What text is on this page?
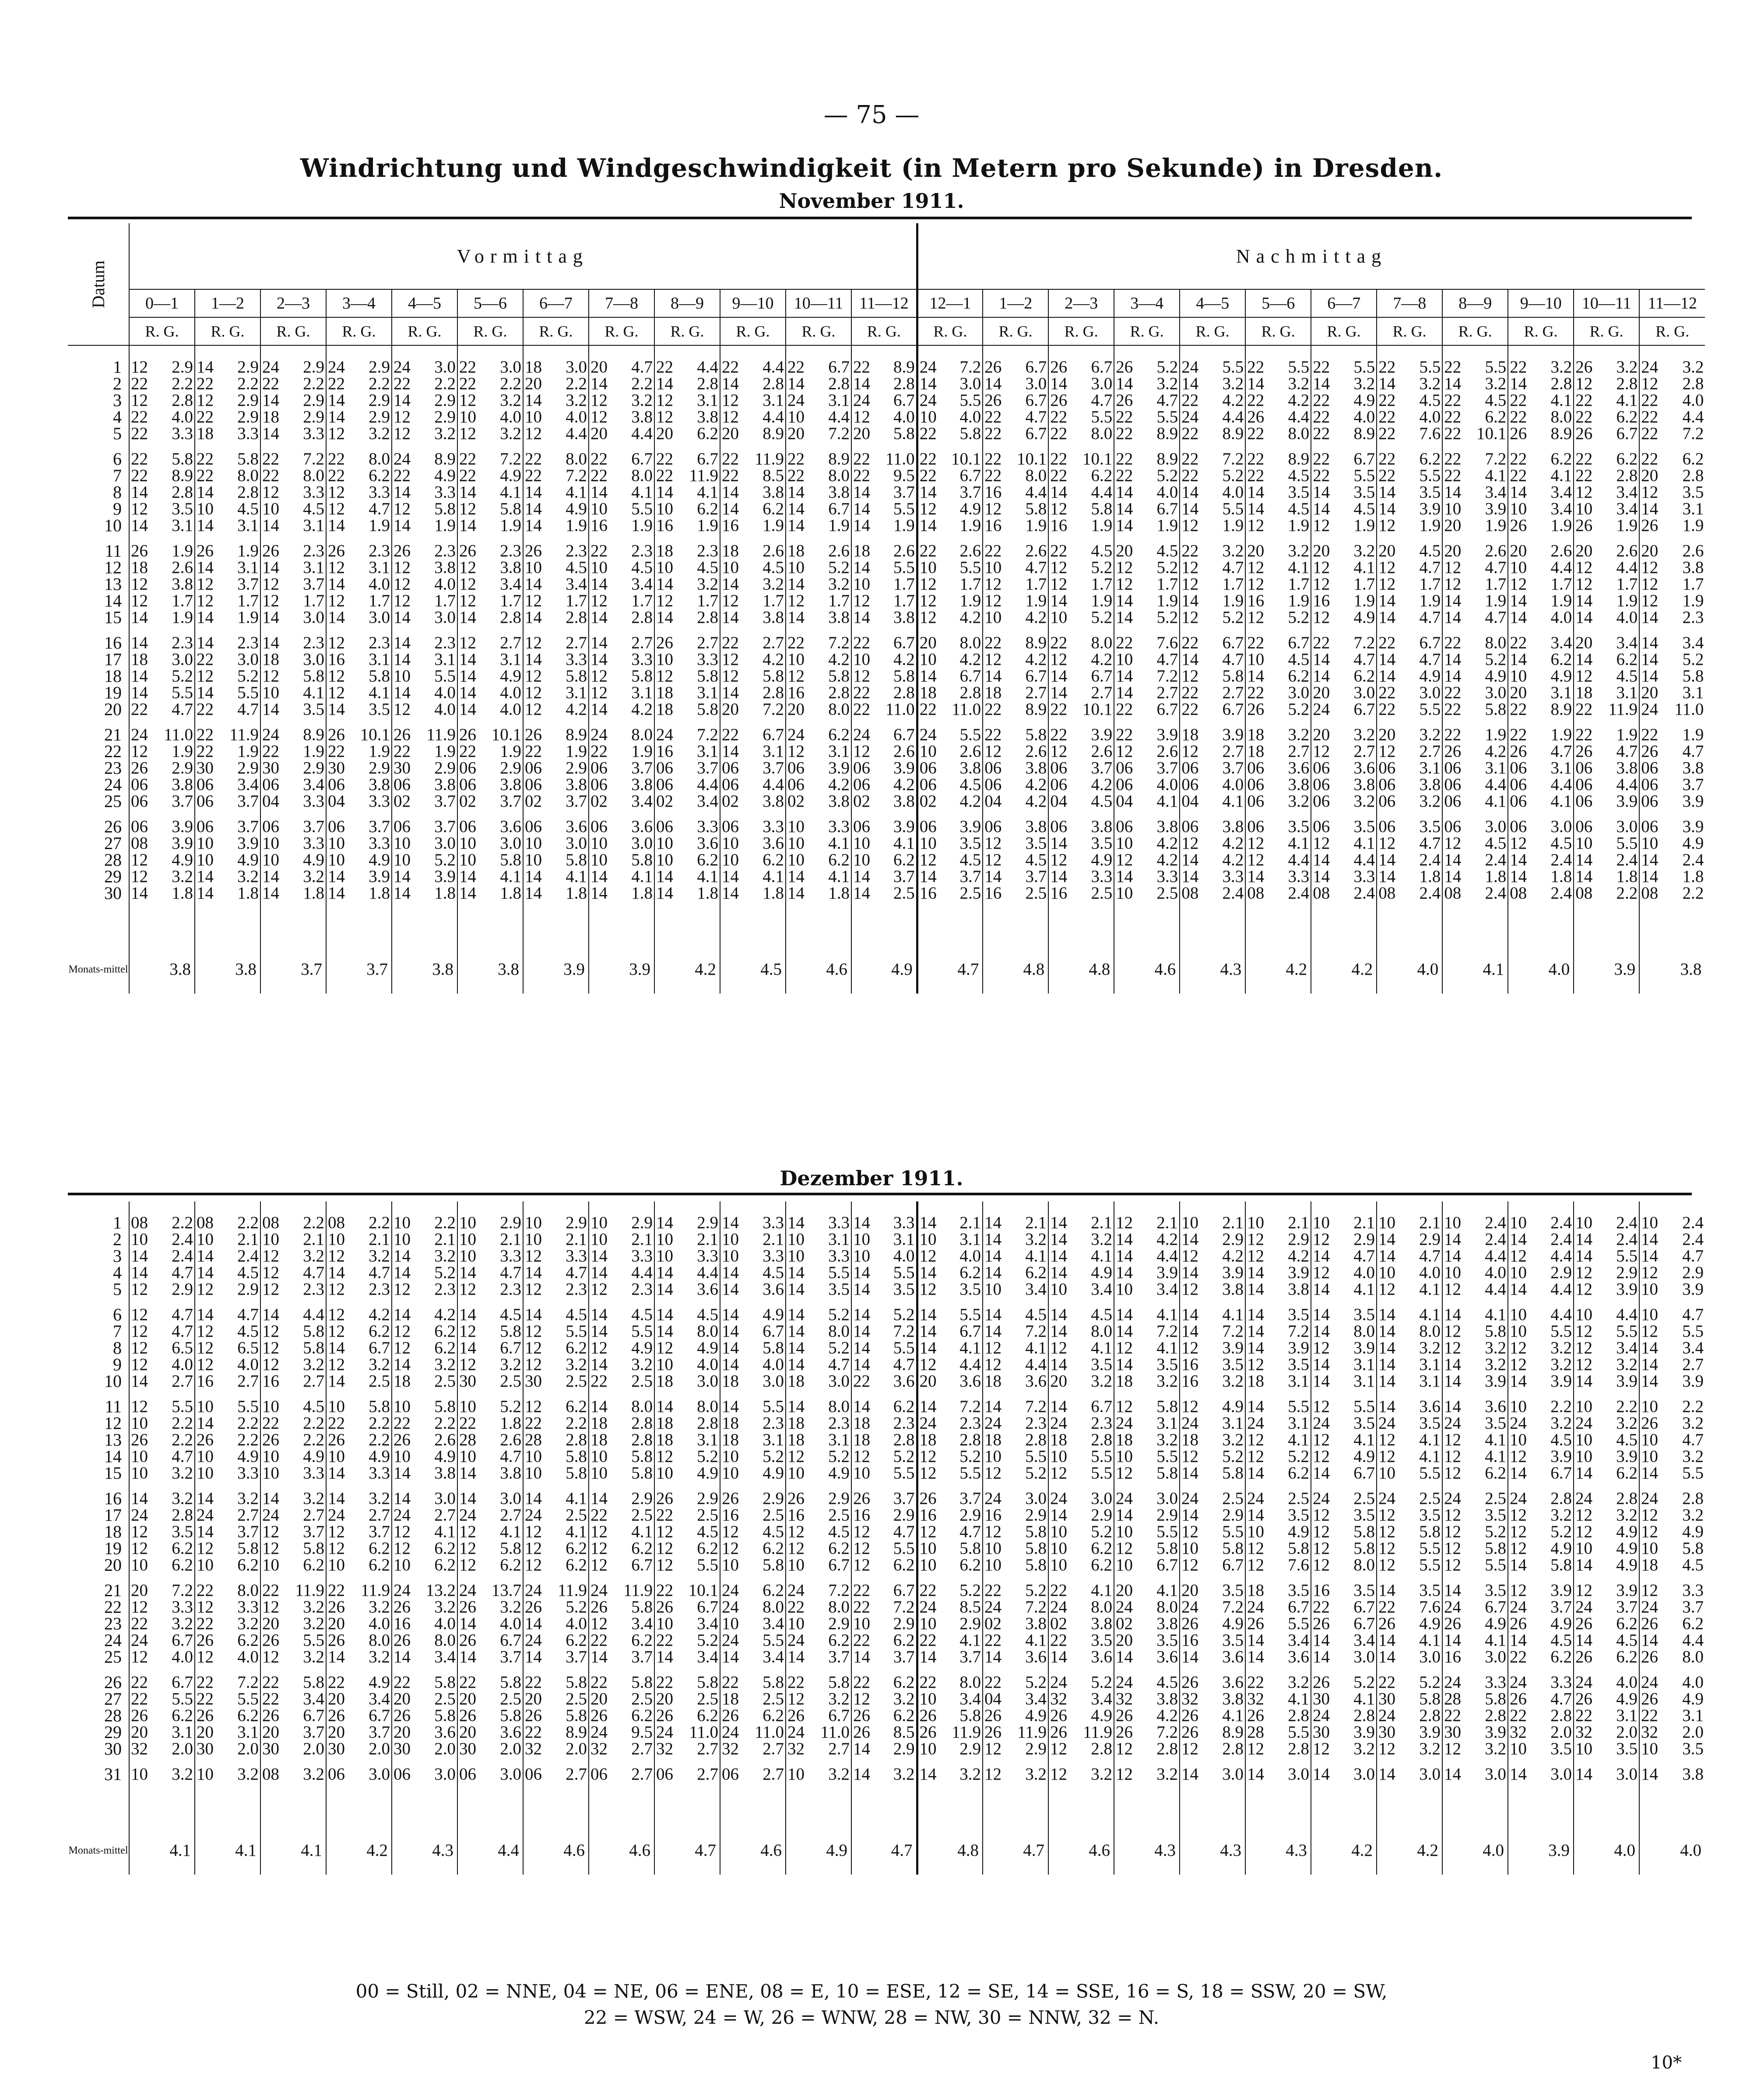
— 75 —
Windrichtung und Windgeschwindigkeit (in Metern pro Sekunde) in Dresden.
November 1911.
Datum	Vormittag																								Nachmittag																							
	0—1		1—2		2—3		3—4		4—5		5—6		6—7		7—8		8—9		9—10		10—11		11—12		12—1		1—2		2—3		3—4		4—5		5—6		6—7		7—8		8—9		9—10		10—11		11—12	
	R. G.		R. G.		R. G.		R. G.		R. G.		R. G.		R. G.		R. G.		R. G.		R. G.		R. G.		R. G.		R. G.		R. G.		R. G.		R. G.		R. G.		R. G.		R. G.		R. G.		R. G.		R. G.		R. G.		R. G.	

1	12	2.9	14	2.9	24	2.9	24	2.9	24	3.0	22	3.0	18	3.0	20	4.7	22	4.4	22	4.4	22	6.7	22	8.9	24	7.2	26	6.7	26	6.7	26	5.2	24	5.5	22	5.5	22	5.5	22	5.5	22	5.5	22	3.2	26	3.2	24	3.2
2	22	2.2	22	2.2	22	2.2	22	2.2	22	2.2	22	2.2	20	2.2	14	2.2	14	2.8	14	2.8	14	2.8	14	2.8	14	3.0	14	3.0	14	3.0	14	3.2	14	3.2	14	3.2	14	3.2	14	3.2	14	3.2	14	2.8	12	2.8	12	2.8
3	12	2.8	12	2.9	14	2.9	14	2.9	14	2.9	12	3.2	14	3.2	12	3.2	12	3.1	12	3.1	24	3.1	24	6.7	24	5.5	26	6.7	26	4.7	26	4.7	22	4.2	22	4.2	22	4.9	22	4.5	22	4.5	22	4.1	22	4.1	22	4.0
4	22	4.0	22	2.9	18	2.9	14	2.9	12	2.9	10	4.0	10	4.0	12	3.8	12	3.8	12	4.4	10	4.4	12	4.0	10	4.0	22	4.7	22	5.5	22	5.5	24	4.4	26	4.4	22	4.0	22	4.0	22	6.2	22	8.0	22	6.2	22	4.4
5	22	3.3	18	3.3	14	3.3	12	3.2	12	3.2	12	3.2	12	4.4	20	4.4	20	6.2	20	8.9	20	7.2	20	5.8	22	5.8	22	6.7	22	8.0	22	8.9	22	8.9	22	8.0	22	8.9	22	7.6	22	10.1	26	8.9	26	6.7	22	7.2

6	22	5.8	22	5.8	22	7.2	22	8.0	24	8.9	22	7.2	22	8.0	22	6.7	22	6.7	22	11.9	22	8.9	22	11.0	22	10.1	22	10.1	22	10.1	22	8.9	22	7.2	22	8.9	22	6.7	22	6.2	22	7.2	22	6.2	22	6.2	22	6.2
7	22	8.9	22	8.0	22	8.0	22	6.2	22	4.9	22	4.9	22	7.2	22	8.0	22	11.9	22	8.5	22	8.0	22	9.5	22	6.7	22	8.0	22	6.2	22	5.2	22	5.2	22	4.5	22	5.5	22	5.5	22	4.1	22	4.1	22	2.8	20	2.8
8	14	2.8	14	2.8	12	3.3	12	3.3	14	3.3	14	4.1	14	4.1	14	4.1	14	4.1	14	3.8	14	3.8	14	3.7	14	3.7	16	4.4	14	4.4	14	4.0	14	4.0	14	3.5	14	3.5	14	3.5	14	3.4	14	3.4	12	3.4	12	3.5
9	12	3.5	10	4.5	10	4.5	12	4.7	12	5.8	12	5.8	14	4.9	10	5.5	10	6.2	14	6.2	14	6.7	14	5.5	12	4.9	12	5.8	12	5.8	14	6.7	14	5.5	14	4.5	14	4.5	14	3.9	10	3.9	10	3.4	10	3.4	14	3.1
10	14	3.1	14	3.1	14	3.1	14	1.9	14	1.9	14	1.9	14	1.9	16	1.9	16	1.9	16	1.9	14	1.9	14	1.9	14	1.9	16	1.9	16	1.9	14	1.9	12	1.9	12	1.9	12	1.9	12	1.9	20	1.9	26	1.9	26	1.9	26	1.9

11	26	1.9	26	1.9	26	2.3	26	2.3	26	2.3	26	2.3	26	2.3	22	2.3	18	2.3	18	2.6	18	2.6	18	2.6	22	2.6	22	2.6	22	4.5	20	4.5	22	3.2	20	3.2	20	3.2	20	4.5	20	2.6	20	2.6	20	2.6	20	2.6
12	18	2.6	14	3.1	14	3.1	12	3.1	12	3.8	12	3.8	10	4.5	10	4.5	10	4.5	10	4.5	10	5.2	14	5.5	10	5.5	10	4.7	12	5.2	12	5.2	12	4.7	12	4.1	12	4.1	12	4.7	12	4.7	10	4.4	12	4.4	12	3.8
13	12	3.8	12	3.7	12	3.7	14	4.0	12	4.0	12	3.4	14	3.4	14	3.4	14	3.2	14	3.2	14	3.2	10	1.7	12	1.7	12	1.7	12	1.7	12	1.7	12	1.7	12	1.7	12	1.7	12	1.7	12	1.7	12	1.7	12	1.7	12	1.7
14	12	1.7	12	1.7	12	1.7	12	1.7	12	1.7	12	1.7	12	1.7	12	1.7	12	1.7	12	1.7	12	1.7	12	1.7	12	1.9	12	1.9	14	1.9	14	1.9	14	1.9	16	1.9	16	1.9	14	1.9	14	1.9	14	1.9	14	1.9	12	1.9
15	14	1.9	14	1.9	14	3.0	14	3.0	14	3.0	14	2.8	14	2.8	14	2.8	14	2.8	14	3.8	14	3.8	14	3.8	12	4.2	10	4.2	10	5.2	14	5.2	12	5.2	12	5.2	12	4.9	14	4.7	14	4.7	14	4.0	14	4.0	14	2.3

16	14	2.3	14	2.3	14	2.3	12	2.3	14	2.3	12	2.7	12	2.7	14	2.7	26	2.7	22	2.7	22	7.2	22	6.7	20	8.0	22	8.9	22	8.0	22	7.6	22	6.7	22	6.7	22	7.2	22	6.7	22	8.0	22	3.4	20	3.4	14	3.4
17	18	3.0	22	3.0	18	3.0	16	3.1	14	3.1	14	3.1	14	3.3	14	3.3	10	3.3	12	4.2	10	4.2	10	4.2	10	4.2	12	4.2	12	4.2	10	4.7	14	4.7	10	4.5	14	4.7	14	4.7	14	5.2	14	6.2	14	6.2	14	5.2
18	14	5.2	12	5.2	12	5.8	12	5.8	10	5.5	14	4.9	12	5.8	12	5.8	12	5.8	12	5.8	12	5.8	12	5.8	14	6.7	14	6.7	14	6.7	14	7.2	12	5.8	14	6.2	14	6.2	14	4.9	14	4.9	10	4.9	12	4.5	14	5.8
19	14	5.5	14	5.5	10	4.1	12	4.1	14	4.0	14	4.0	12	3.1	12	3.1	18	3.1	14	2.8	16	2.8	22	2.8	18	2.8	18	2.7	14	2.7	14	2.7	22	2.7	22	3.0	20	3.0	22	3.0	22	3.0	20	3.1	18	3.1	20	3.1
20	22	4.7	22	4.7	14	3.5	14	3.5	12	4.0	14	4.0	12	4.2	14	4.2	18	5.8	20	7.2	20	8.0	22	11.0	22	11.0	22	8.9	22	10.1	22	6.7	22	6.7	26	5.2	24	6.7	22	5.5	22	5.8	22	8.9	22	11.9	24	11.0

21	24	11.0	22	11.9	24	8.9	26	10.1	26	11.9	26	10.1	26	8.9	24	8.0	24	7.2	22	6.7	24	6.2	24	6.7	24	5.5	22	5.8	22	3.9	22	3.9	18	3.9	18	3.2	20	3.2	20	3.2	22	1.9	22	1.9	22	1.9	22	1.9
22	12	1.9	22	1.9	22	1.9	22	1.9	22	1.9	22	1.9	22	1.9	22	1.9	16	3.1	14	3.1	12	3.1	12	2.6	10	2.6	12	2.6	12	2.6	12	2.6	12	2.7	18	2.7	12	2.7	12	2.7	26	4.2	26	4.7	26	4.7	26	4.7
23	26	2.9	30	2.9	30	2.9	30	2.9	30	2.9	06	2.9	06	2.9	06	3.7	06	3.7	06	3.7	06	3.9	06	3.9	06	3.8	06	3.8	06	3.7	06	3.7	06	3.7	06	3.6	06	3.6	06	3.1	06	3.1	06	3.1	06	3.8	06	3.8
24	06	3.8	06	3.4	06	3.4	06	3.8	06	3.8	06	3.8	06	3.8	06	3.8	06	4.4	06	4.4	06	4.2	06	4.2	06	4.5	06	4.2	06	4.2	06	4.0	06	4.0	06	3.8	06	3.8	06	3.8	06	4.4	06	4.4	06	4.4	06	3.7
25	06	3.7	06	3.7	04	3.3	04	3.3	02	3.7	02	3.7	02	3.7	02	3.4	02	3.4	02	3.8	02	3.8	02	3.8	02	4.2	04	4.2	04	4.5	04	4.1	04	4.1	06	3.2	06	3.2	06	3.2	06	4.1	06	4.1	06	3.9	06	3.9

26	06	3.9	06	3.7	06	3.7	06	3.7	06	3.7	06	3.6	06	3.6	06	3.6	06	3.3	06	3.3	10	3.3	06	3.9	06	3.9	06	3.8	06	3.8	06	3.8	06	3.8	06	3.5	06	3.5	06	3.5	06	3.0	06	3.0	06	3.0	06	3.9
27	08	3.9	10	3.9	10	3.3	10	3.3	10	3.0	10	3.0	10	3.0	10	3.0	10	3.6	10	3.6	10	4.1	10	4.1	10	3.5	12	3.5	14	3.5	10	4.2	12	4.2	12	4.1	12	4.1	12	4.7	12	4.5	12	4.5	10	5.5	10	4.9
28	12	4.9	10	4.9	10	4.9	10	4.9	10	5.2	10	5.8	10	5.8	10	5.8	10	6.2	10	6.2	10	6.2	10	6.2	12	4.5	12	4.5	12	4.9	12	4.2	14	4.2	12	4.4	14	4.4	14	2.4	14	2.4	14	2.4	14	2.4	14	2.4
29	12	3.2	14	3.2	14	3.2	14	3.9	14	3.9	14	4.1	14	4.1	14	4.1	14	4.1	14	4.1	14	4.1	14	3.7	14	3.7	14	3.7	14	3.3	14	3.3	14	3.3	14	3.3	14	3.3	14	1.8	14	1.8	14	1.8	14	1.8	14	1.8
30	14	1.8	14	1.8	14	1.8	14	1.8	14	1.8	14	1.8	14	1.8	14	1.8	14	1.8	14	1.8	14	1.8	14	2.5	16	2.5	16	2.5	16	2.5	10	2.5	08	2.4	08	2.4	08	2.4	08	2.4	08	2.4	08	2.4	08	2.2	08	2.2

Monats-mittel	3.8		3.8		3.7		3.7		3.8		3.8		3.9		3.9		4.2		4.5		4.6		4.9		4.7		4.8		4.8		4.6		4.3		4.2		4.2		4.0		4.1		4.0		3.9		3.8	
Dezember 1911.

1	08	2.2	08	2.2	08	2.2	08	2.2	10	2.2	10	2.9	10	2.9	10	2.9	14	2.9	14	3.3	14	3.3	14	3.3	14	2.1	14	2.1	14	2.1	12	2.1	10	2.1	10	2.1	10	2.1	10	2.1	10	2.4	10	2.4	10	2.4	10	2.4
2	10	2.4	10	2.1	10	2.1	10	2.1	10	2.1	10	2.1	10	2.1	10	2.1	10	2.1	10	2.1	10	3.1	10	3.1	10	3.1	14	3.2	14	3.2	14	4.2	14	2.9	12	2.9	12	2.9	14	2.9	14	2.4	14	2.4	14	2.4	14	2.4
3	14	2.4	14	2.4	12	3.2	12	3.2	14	3.2	10	3.3	12	3.3	14	3.3	10	3.3	10	3.3	10	3.3	10	4.0	12	4.0	14	4.1	14	4.1	14	4.4	12	4.2	12	4.2	14	4.7	14	4.7	14	4.4	12	4.4	14	5.5	14	4.7
4	14	4.7	14	4.5	12	4.7	14	4.7	14	5.2	14	4.7	14	4.7	14	4.4	14	4.4	14	4.5	14	5.5	14	5.5	14	6.2	14	6.2	14	4.9	14	3.9	14	3.9	14	3.9	12	4.0	10	4.0	10	4.0	10	2.9	12	2.9	12	2.9
5	12	2.9	12	2.9	12	2.3	12	2.3	12	2.3	12	2.3	12	2.3	12	2.3	14	3.6	14	3.6	14	3.5	14	3.5	12	3.5	10	3.4	10	3.4	10	3.4	12	3.8	14	3.8	14	4.1	12	4.1	12	4.4	14	4.4	12	3.9	10	3.9

6	12	4.7	14	4.7	14	4.4	12	4.2	14	4.2	14	4.5	14	4.5	14	4.5	14	4.5	14	4.9	14	5.2	14	5.2	14	5.5	14	4.5	14	4.5	14	4.1	14	4.1	14	3.5	14	3.5	14	4.1	14	4.1	10	4.4	10	4.4	10	4.7
7	12	4.7	12	4.5	12	5.8	12	6.2	12	6.2	12	5.8	12	5.5	14	5.5	14	8.0	14	6.7	14	8.0	14	7.2	14	6.7	14	7.2	14	8.0	14	7.2	14	7.2	14	7.2	14	8.0	14	8.0	12	5.8	10	5.5	12	5.5	12	5.5
8	12	6.5	12	6.5	12	5.8	14	6.7	12	6.2	14	6.7	12	6.2	12	4.9	12	4.9	14	5.8	14	5.2	14	5.5	14	4.1	12	4.1	12	4.1	12	4.1	12	3.9	14	3.9	12	3.9	14	3.2	12	3.2	12	3.2	12	3.4	14	3.4
9	12	4.0	12	4.0	12	3.2	12	3.2	14	3.2	12	3.2	12	3.2	14	3.2	10	4.0	14	4.0	14	4.7	14	4.7	12	4.4	12	4.4	14	3.5	14	3.5	16	3.5	12	3.5	14	3.1	14	3.1	14	3.2	12	3.2	12	3.2	14	2.7
10	14	2.7	16	2.7	16	2.7	14	2.5	18	2.5	30	2.5	30	2.5	22	2.5	18	3.0	18	3.0	18	3.0	22	3.6	20	3.6	18	3.6	20	3.2	18	3.2	16	3.2	18	3.1	14	3.1	14	3.1	14	3.9	14	3.9	14	3.9	14	3.9

11	12	5.5	10	5.5	10	4.5	10	5.8	10	5.8	10	5.2	12	6.2	14	8.0	14	8.0	14	5.5	14	8.0	14	6.2	14	7.2	14	7.2	14	6.7	12	5.8	12	4.9	14	5.5	12	5.5	14	3.6	14	3.6	10	2.2	10	2.2	10	2.2
12	10	2.2	14	2.2	22	2.2	22	2.2	22	2.2	22	1.8	22	2.2	18	2.8	18	2.8	18	2.3	18	2.3	18	2.3	24	2.3	24	2.3	24	2.3	24	3.1	24	3.1	24	3.1	24	3.5	24	3.5	24	3.5	24	3.2	24	3.2	26	3.2
13	26	2.2	26	2.2	26	2.2	26	2.2	26	2.6	28	2.6	28	2.8	18	2.8	18	3.1	18	3.1	18	3.1	18	2.8	18	2.8	18	2.8	18	2.8	18	3.2	18	3.2	12	4.1	12	4.1	12	4.1	12	4.1	10	4.5	10	4.5	10	4.7
14	10	4.7	10	4.9	10	4.9	10	4.9	10	4.9	10	4.7	10	5.8	10	5.8	12	5.2	10	5.2	12	5.2	12	5.2	12	5.2	10	5.5	10	5.5	10	5.5	12	5.2	12	5.2	12	4.9	12	4.1	12	4.1	12	3.9	10	3.9	10	3.2
15	10	3.2	10	3.3	10	3.3	14	3.3	14	3.8	14	3.8	10	5.8	10	5.8	10	4.9	10	4.9	10	4.9	10	5.5	12	5.5	12	5.2	12	5.5	12	5.8	14	5.8	14	6.2	14	6.7	10	5.5	12	6.2	14	6.7	14	6.2	14	5.5

16	14	3.2	14	3.2	14	3.2	14	3.2	14	3.0	14	3.0	14	4.1	14	2.9	26	2.9	26	2.9	26	2.9	26	3.7	26	3.7	24	3.0	24	3.0	24	3.0	24	2.5	24	2.5	24	2.5	24	2.5	24	2.5	24	2.8	24	2.8	24	2.8
17	24	2.8	24	2.7	24	2.7	24	2.7	24	2.7	24	2.7	24	2.5	22	2.5	22	2.5	16	2.5	16	2.5	16	2.9	16	2.9	16	2.9	14	2.9	14	2.9	14	2.9	14	3.5	12	3.5	12	3.5	12	3.5	12	3.2	12	3.2	12	3.2
18	12	3.5	14	3.7	12	3.7	12	3.7	12	4.1	12	4.1	12	4.1	12	4.1	12	4.5	12	4.5	12	4.5	12	4.7	12	4.7	12	5.8	10	5.2	10	5.5	12	5.5	10	4.9	12	5.8	12	5.8	12	5.2	12	5.2	12	4.9	12	4.9
19	12	6.2	12	5.8	12	5.8	12	6.2	12	6.2	12	5.8	12	6.2	12	6.2	12	6.2	12	6.2	12	6.2	12	5.5	10	5.8	10	5.8	10	6.2	12	5.8	10	5.8	12	5.8	12	5.8	12	5.5	12	5.8	12	4.9	10	4.9	10	5.8
20	10	6.2	10	6.2	10	6.2	10	6.2	10	6.2	12	6.2	12	6.2	12	6.7	12	5.5	10	5.8	10	6.7	12	6.2	10	6.2	10	5.8	10	6.2	10	6.7	12	6.7	12	7.6	12	8.0	12	5.5	12	5.5	14	5.8	14	4.9	18	4.5

21	20	7.2	22	8.0	22	11.9	22	11.9	24	13.2	24	13.7	24	11.9	24	11.9	22	10.1	24	6.2	24	7.2	22	6.7	22	5.2	22	5.2	22	4.1	20	4.1	20	3.5	18	3.5	16	3.5	14	3.5	14	3.5	12	3.9	12	3.9	12	3.3
22	12	3.3	12	3.3	12	3.2	26	3.2	26	3.2	26	3.2	26	5.2	26	5.8	26	6.7	24	8.0	22	8.0	22	7.2	24	8.5	24	7.2	24	8.0	24	8.0	24	7.2	24	6.7	22	6.7	22	7.6	24	6.7	24	3.7	24	3.7	24	3.7
23	22	3.2	22	3.2	20	3.2	20	4.0	16	4.0	14	4.0	14	4.0	12	3.4	10	3.4	10	3.4	10	2.9	10	2.9	10	2.9	02	3.8	02	3.8	02	3.8	26	4.9	26	5.5	26	6.7	26	4.9	26	4.9	26	4.9	26	6.2	26	6.2
24	24	6.7	26	6.2	26	5.5	26	8.0	26	8.0	26	6.7	24	6.2	22	6.2	22	5.2	24	5.5	24	6.2	22	6.2	22	4.1	22	4.1	22	3.5	20	3.5	16	3.5	14	3.4	14	3.4	14	4.1	14	4.1	14	4.5	14	4.5	14	4.4
25	12	4.0	12	4.0	12	3.2	14	3.2	14	3.4	14	3.7	14	3.7	14	3.7	14	3.4	14	3.4	14	3.7	14	3.7	14	3.7	14	3.6	14	3.6	14	3.6	14	3.6	14	3.6	14	3.0	14	3.0	16	3.0	22	6.2	26	6.2	26	8.0

26	22	6.7	22	7.2	22	5.8	22	4.9	22	5.8	22	5.8	22	5.8	22	5.8	22	5.8	22	5.8	22	5.8	22	6.2	22	8.0	22	5.2	24	5.2	24	4.5	26	3.6	22	3.2	26	5.2	22	5.2	24	3.3	24	3.3	24	4.0	24	4.0
27	22	5.5	22	5.5	22	3.4	20	3.4	20	2.5	20	2.5	20	2.5	20	2.5	20	2.5	18	2.5	12	3.2	12	3.2	10	3.4	04	3.4	32	3.4	32	3.8	32	3.8	32	4.1	30	4.1	30	5.8	28	5.8	26	4.7	26	4.9	26	4.9
28	26	6.2	26	6.2	26	6.7	26	6.7	26	5.8	26	5.8	26	5.8	26	6.2	26	6.2	26	6.2	26	6.7	26	6.2	26	5.8	26	4.9	26	4.9	26	4.2	26	4.1	26	2.8	24	2.8	24	2.8	22	2.8	22	2.8	22	3.1	22	3.1
29	20	3.1	20	3.1	20	3.7	20	3.7	20	3.6	20	3.6	22	8.9	24	9.5	24	11.0	24	11.0	24	11.0	26	8.5	26	11.9	26	11.9	26	11.9	26	7.2	26	8.9	28	5.5	30	3.9	30	3.9	30	3.9	32	2.0	32	2.0	32	2.0
30	32	2.0	30	2.0	30	2.0	30	2.0	30	2.0	30	2.0	32	2.0	32	2.7	32	2.7	32	2.7	32	2.7	14	2.9	10	2.9	12	2.9	12	2.8	12	2.8	12	2.8	12	2.8	12	3.2	12	3.2	12	3.2	10	3.5	10	3.5	10	3.5

31	10	3.2	10	3.2	08	3.2	06	3.0	06	3.0	06	3.0	06	2.7	06	2.7	06	2.7	06	2.7	10	3.2	14	3.2	14	3.2	12	3.2	12	3.2	12	3.2	14	3.0	14	3.0	14	3.0	14	3.0	14	3.0	14	3.0	14	3.0	14	3.8

Monats-mittel	4.1		4.1		4.1		4.2		4.3		4.4		4.6		4.6		4.7		4.6		4.9		4.7		4.8		4.7		4.6		4.3		4.3		4.3		4.2		4.2		4.0		3.9		4.0		4.0	
00 = Still, 02 = NNE, 04 = NE, 06 = ENE, 08 = E, 10 = ESE, 12 = SE, 14 = SSE, 16 = S, 18 = SSW, 20 = SW,
22 = WSW, 24 = W, 26 = WNW, 28 = NW, 30 = NNW, 32 = N.
10*
